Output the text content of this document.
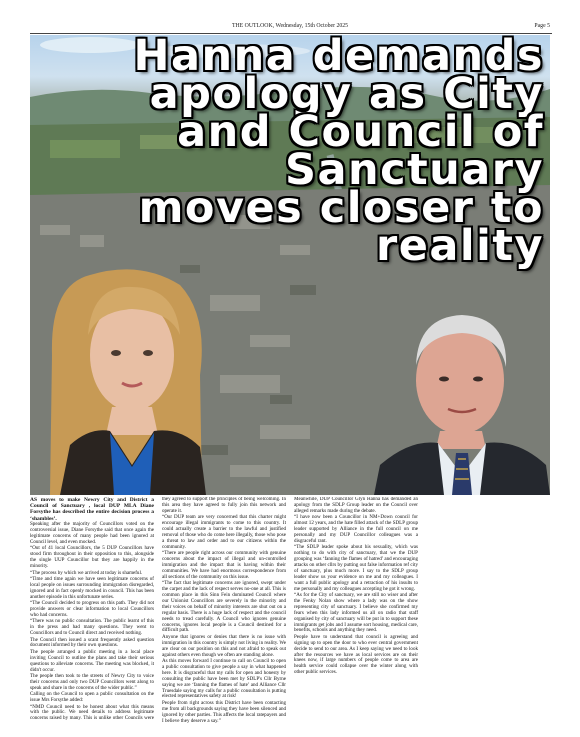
THE OUTLOOK, Wednesday, 15th October 2025	Page 5
Hanna demands
apology as City
and Council of
Sanctuary
moves closer to
reality

AS moves to make Newry City and District a Council of Sanctuary , local DUP MLA Diane Forsythe has described the entire decision process a ‘shambles’.

Speaking after the majority of Councillors voted on the controversial issue, Diane Forsythe said that once again the legitimate concerns of many people had been ignored at Council level, and even mocked.

“Out of 41 local Councillors, the 5 DUP Councillors have stood firm throughout in their opposition to this, alongside the single UUP Councillor but they are happily in the minority.

“The process by which we arrived at today is shameful.

“Time and time again we have seen legitimate concerns of local people on issues surrounding immigration disregarded, ignored and in fact openly mocked in council. This has been another episode in this unfortunate series.

“The Council decided to progress on this path. They did not provide answers or clear information to local Councillors who had concerns.

“There was no public consultation. The public learnt of this in the press and had many questions. They went to Councillors and to Council direct and received nothing.

The Council then issued a scant frequently asked question document informed by their own questions.

The people arranged a public meeting in a local place inviting Council to outline the plans and take their serious questions to alleviate concerns. The meeting was blocked, it didn't occur.

The people then took to the streets of Newry City to voice their concerns and only two DUP Councillors went along to speak and share in the concerns of the wider public.”

Calling on the Council to open a public consultation on the issue Mrs Forsythe added:

“NMD Council need to be honest about what this means with the public. We need details to address legitimate concerns raised by many. This is unlike other Councils were they agreed to support the principles of being welcoming. In this area they have agreed to fully join this network and operate it.

“Our DUP team are very concerned that this charter might encourage illegal immigrants to come to this country. It could actually create a barrier to the lawful and justified removal of those who do come here illegally, those who pose a threat to law and order and to our citizens within the community.

“There are people right across our community with genuine concerns about the impact of illegal and un-controlled immigration and the impact that is having within their communities. We have had enormous correspondence from all sections of the community on this issue.

“The fact that legitimate concerns are ignored, swept under the carpet and the lack of respect serves no-one at all. This is common place in this Sinn Fein dominated Council where our Unionist Councillors are severely in the minority and their voices on behalf of minority interests are shut out on a regular basis. There is a huge lack of respect and the council needs to tread carefully. A Council who ignores genuine concerns, ignores local people is a Council destined for a difficult path.

Anyone that ignores or denies that there is no issue with immigration in this country is simply not living in reality. We are clear on our position on this and not afraid to speak out against others even though we often are standing alone.

As this moves forward I continue to call on Council to open a public consultation to give people a say in what happened here. It is disgraceful that my calls for open and honesty by consulting the public have been met by SDLP's Cllr Byrne saying we are ‘fanning the flames of hate’ and Alliance Cllr Truesdale saying my calls for a public consultation is putting elected representatives safety at risk!

People from right across this District have been contacting me from all backgrounds saying they have been silenced and ignored by other parties. This affects the local ratepayers and I believe they deserve a say.”

Meanwhile, DUP Councillor Glyn Hanna has demanded an apology from the SDLP Group leader on the Council over alleged remarks made during the debate.

“I have now been a Councillor in NM+Down council for almost 12 years, and the hate filled attack of the SDLP group leader supported by Alliance in the full council on me personally and my DUP Councillor colleagues was a disgraceful rant.

“The SDLP leader spoke about his sexuality, which was nothing to do with city of sanctuary, that we the DUP grouping was ‘fanning the flames of hatred’ and encouraging attacks on other cllrs by putting out false information ref city of sanctuary, plus much more. I say to the SDLP group leader show us your evidence on me and my colleagues. I want a full public apology and a retraction of his insults to me personally and my colleagues accepting he got it wrong.

“As for the City of sanctuary, we are still no wiser and after the Fenky Nolan show where a lady was on the show representing city of sanctuary. I believe she confirmed my fears when this lady informed us all on radio that staff organised by city of sanctuary will be put in to support these immigrants get jobs and I assume sort housing, medical care, benefits, schools and anything they need.

People have to understand that council is agreeing and signing up to open the door to who ever central government decide to send to our area. As I keep saying we need to look after the resources we have as local services are on their knees now, if large numbers of people come to area are health service could collapse over the winter along with other public services.
